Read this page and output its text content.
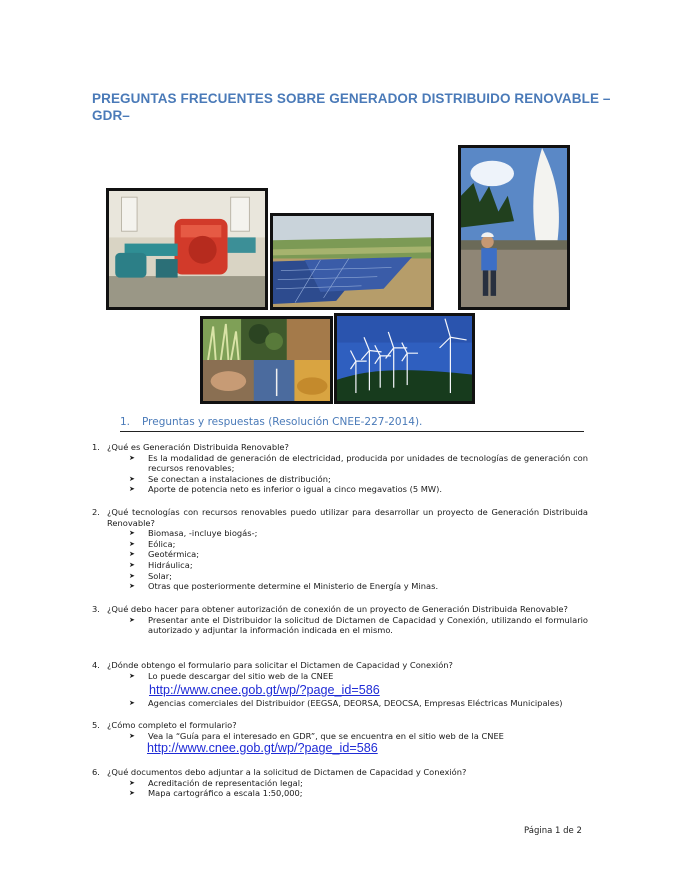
PREGUNTAS FRECUENTES SOBRE GENERADOR DISTRIBUIDO RENOVABLE –GDR–
1. Preguntas y respuestas (Resolución CNEE-227-2014).
1. ¿Qué es Generación Distribuida Renovable?
➤	Es la modalidad de generación de electricidad, producida por unidades de tecnologías de generación con recursos renovables;
➤	Se conectan a instalaciones de distribución;
➤	Aporte de potencia neto es inferior o igual a cinco megavatios (5 MW).
2. ¿Qué tecnologías con recursos renovables puedo utilizar para desarrollar un proyecto de Generación Distribuida Renovable?
➤	Biomasa, -incluye biogás-;
➤	Eólica;
➤	Geotérmica;
➤	Hidráulica;
➤	Solar;
➤	Otras que posteriormente determine el Ministerio de Energía y Minas.
3. ¿Qué debo hacer para obtener autorización de conexión de un proyecto de Generación Distribuida Renovable?
➤	Presentar ante el Distribuidor la solicitud de Dictamen de Capacidad y Conexión, utilizando el formulario autorizado y adjuntar la información indicada en el mismo.
4. ¿Dónde obtengo el formulario para solicitar el Dictamen de Capacidad y Conexión?
➤	Lo puede descargar del sitio web de la CNEE
http://www.cnee.gob.gt/wp/?page_id=586
➤	Agencias comerciales del Distribuidor (EEGSA, DEORSA, DEOCSA, Empresas Eléctricas Municipales)
5. ¿Cómo completo el formulario?
➤	Vea la “Guía para el interesado en GDR”, que se encuentra en el sitio web de la CNEE
http://www.cnee.gob.gt/wp/?page_id=586
6. ¿Qué documentos debo adjuntar a la solicitud de Dictamen de Capacidad y Conexión?
➤	Acreditación de representación legal;
➤	Mapa cartográfico a escala 1:50,000;
Página 1 de 2
